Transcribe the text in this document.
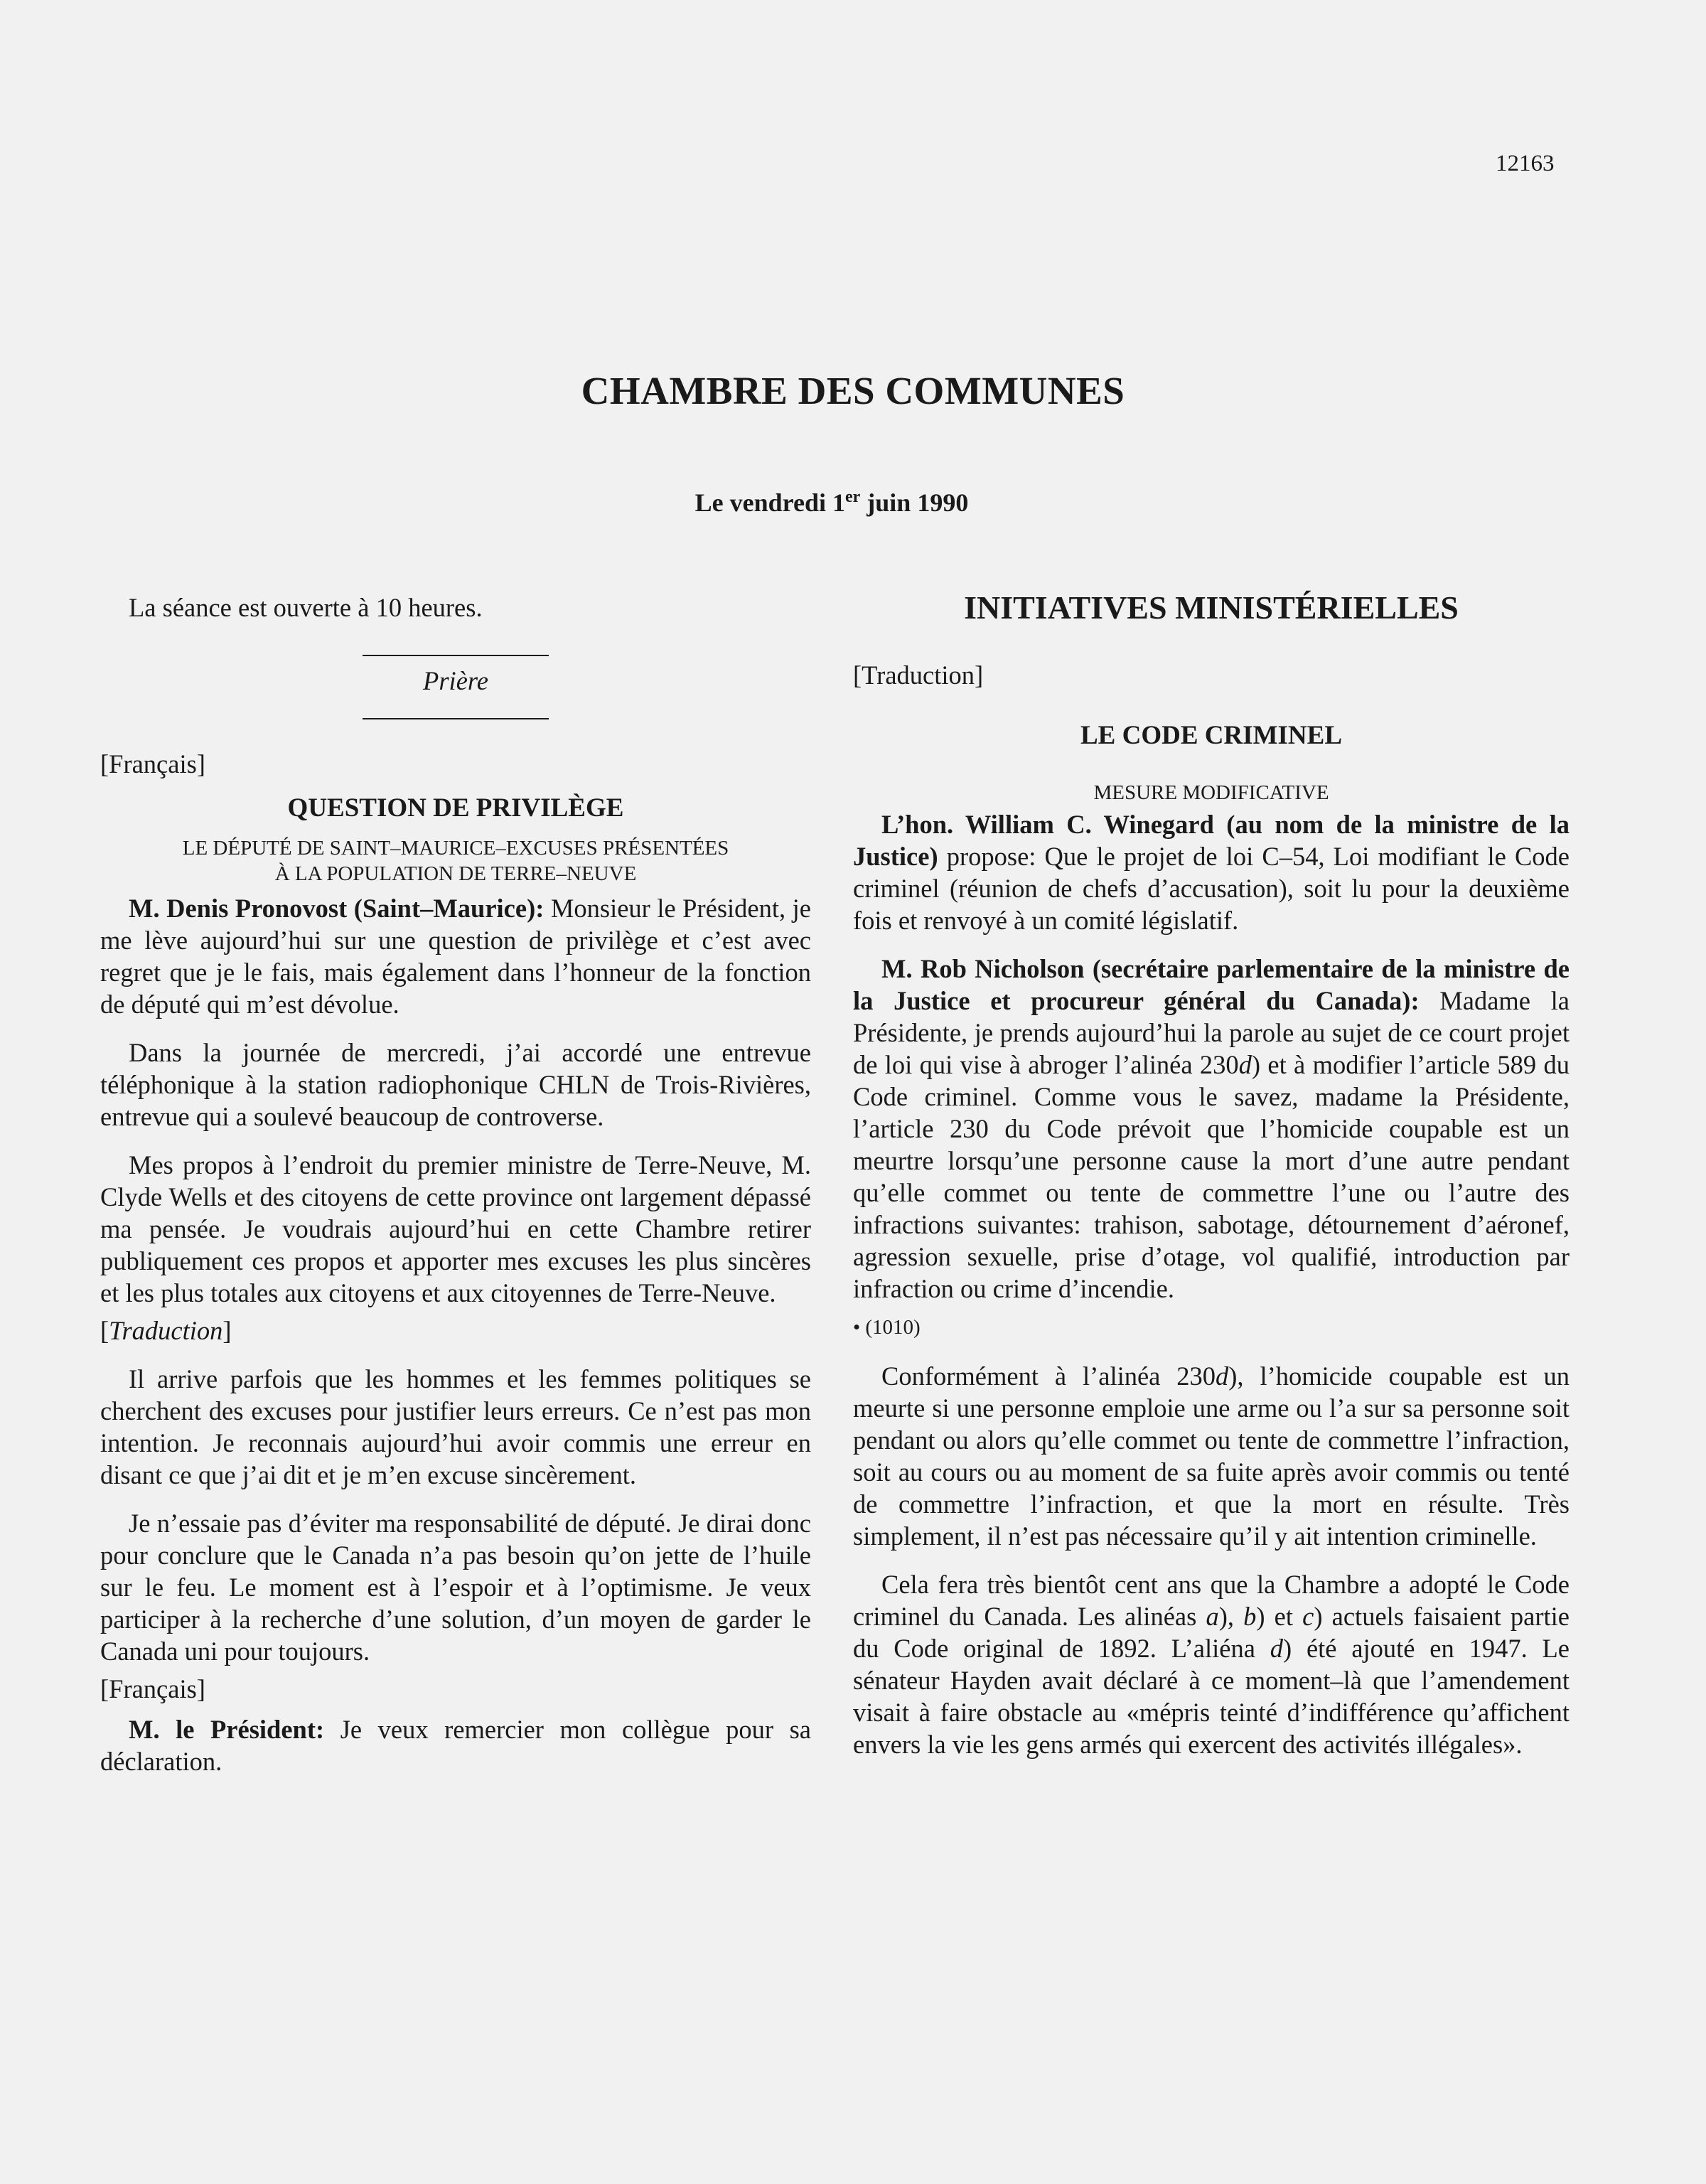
12163
CHAMBRE DES COMMUNES
Le vendredi 1er juin 1990

La séance est ouverte à 10 heures.

Prière

[Français]

QUESTION DE PRIVILÈGE
LE DÉPUTÉ DE SAINT–MAURICE–EXCUSES PRÉSENTÉES
À LA POPULATION DE TERRE–NEUVE

M. Denis Pronovost (Saint–Maurice): Monsieur le Président, je me lève aujourd’hui sur une question de privilège et c’est avec regret que je le fais, mais également dans l’honneur de la fonction de député qui m’est dévolue.

Dans la journée de mercredi, j’ai accordé une entrevue téléphonique à la station radiophonique CHLN de Trois-Rivières, entrevue qui a soulevé beaucoup de controverse.

Mes propos à l’endroit du premier ministre de Terre-Neuve, M. Clyde Wells et des citoyens de cette province ont largement dépassé ma pensée. Je voudrais aujourd’hui en cette Chambre retirer publiquement ces propos et apporter mes excuses les plus sincères et les plus totales aux citoyens et aux citoyennes de Terre-Neuve.

[Traduction]

Il arrive parfois que les hommes et les femmes politiques se cherchent des excuses pour justifier leurs erreurs. Ce n’est pas mon intention. Je reconnais aujourd’hui avoir commis une erreur en disant ce que j’ai dit et je m’en excuse sincèrement.

Je n’essaie pas d’éviter ma responsabilité de député. Je dirai donc pour conclure que le Canada n’a pas besoin qu’on jette de l’huile sur le feu. Le moment est à l’espoir et à l’optimisme. Je veux participer à la recherche d’une solution, d’un moyen de garder le Canada uni pour toujours.

[Français]

M. le Président: Je veux remercier mon collègue pour sa déclaration.

INITIATIVES MINISTÉRIELLES

[Traduction]

LE CODE CRIMINEL
MESURE MODIFICATIVE

L’hon. William C. Winegard (au nom de la ministre de la Justice) propose: Que le projet de loi C–54, Loi modifiant le Code criminel (réunion de chefs d’accusation), soit lu pour la deuxième fois et renvoyé à un comité législatif.

M. Rob Nicholson (secrétaire parlementaire de la ministre de la Justice et procureur général du Canada): Madame la Présidente, je prends aujourd’hui la parole au sujet de ce court projet de loi qui vise à abroger l’alinéa 230d) et à modifier l’article 589 du Code criminel. Comme vous le savez, madame la Présidente, l’article 230 du Code prévoit que l’homicide coupable est un meurtre lorsqu’une personne cause la mort d’une autre pendant qu’elle commet ou tente de commettre l’une ou l’autre des infractions suivantes: trahison, sabotage, détournement d’aéronef, agression sexuelle, prise d’otage, vol qualifié, introduction par infraction ou crime d’incendie.

• (1010)

Conformément à l’alinéa 230d), l’homicide coupable est un meurte si une personne emploie une arme ou l’a sur sa personne soit pendant ou alors qu’elle commet ou tente de commettre l’infraction, soit au cours ou au moment de sa fuite après avoir commis ou tenté de commettre l’infraction, et que la mort en résulte. Très simplement, il n’est pas nécessaire qu’il y ait intention criminelle.

Cela fera très bientôt cent ans que la Chambre a adopté le Code criminel du Canada. Les alinéas a), b) et c) actuels faisaient partie du Code original de 1892. L’aliéna d) été ajouté en 1947. Le sénateur Hayden avait déclaré à ce moment–là que l’amendement visait à faire obstacle au «mépris teinté d’indifférence qu’affichent envers la vie les gens armés qui exercent des activités illégales».
